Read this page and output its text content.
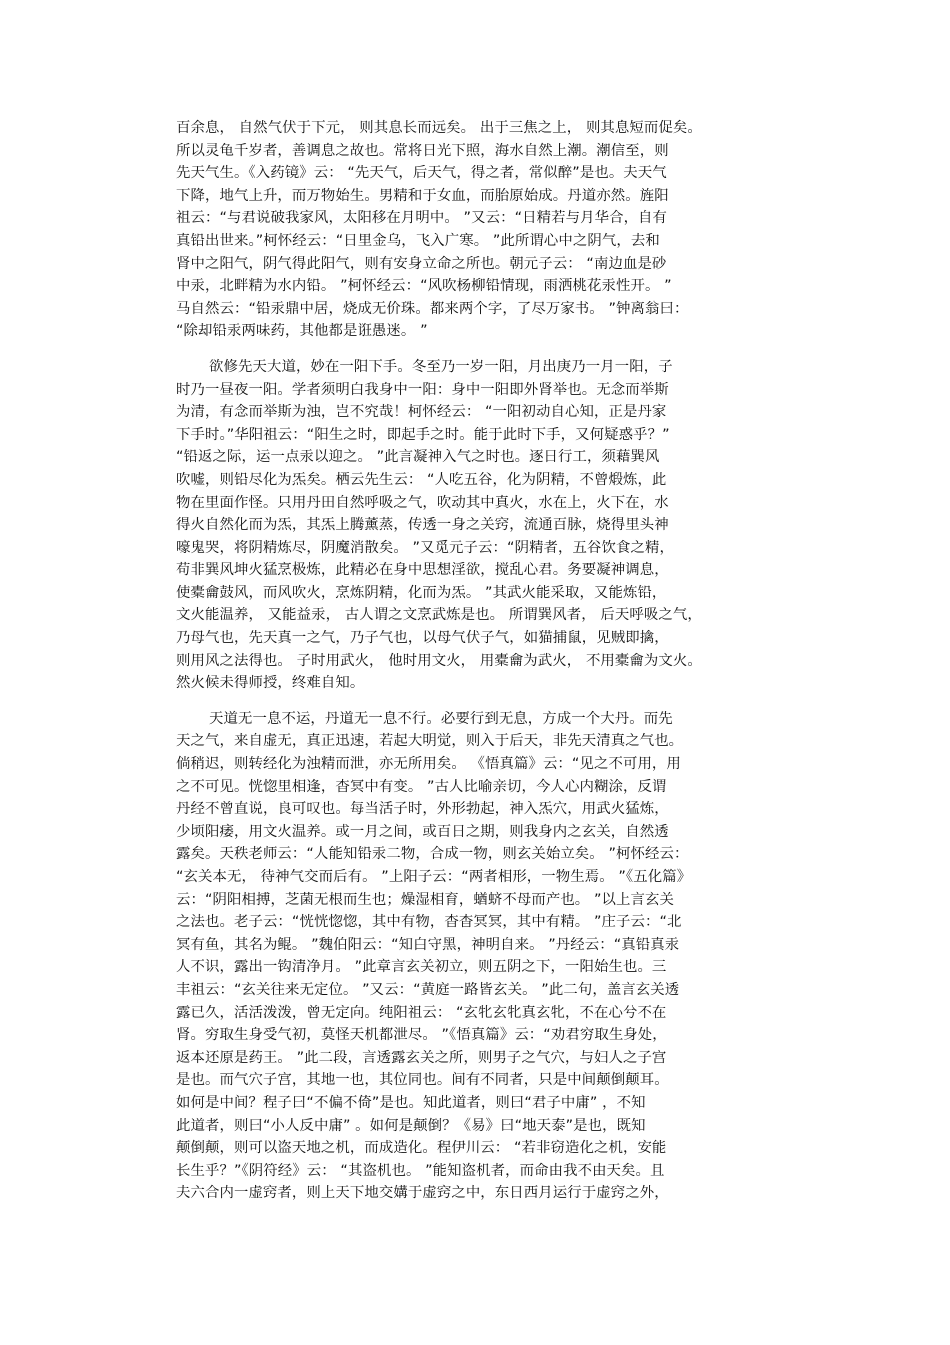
百余息， 自然气伏于下元， 则其息长而远矣。 出于三焦之上， 则其息短而促矣。
所以灵龟千岁者，善调息之故也。常将日光下照，海水自然上潮。潮信至，则
先天气生。《入药镜》云： “先天气，后天气，得之者，常似醉”是也。夫天气
下降，地气上升，而万物始生。男精和于女血，而胎原始成。丹道亦然。旌阳
祖云：“与君说破我家风，太阳移在月明中。 ”又云：“日精若与月华合，自有
真铅出世来。”柯怀经云：“日里金乌，飞入广寒。 ”此所谓心中之阴气，去和
肾中之阳气，阴气得此阳气，则有安身立命之所也。朝元子云： “南边血是砂
中汞，北畔精为水内铅。 ”柯怀经云：“风吹杨柳铅情现，雨洒桃花汞性开。 ”
马自然云：“铅汞鼎中居，烧成无价珠。都来两个字，了尽万家书。 ”钟离翁曰：
“除却铅汞两味药，其他都是诳愚迷。 ”
欲修先天大道，妙在一阳下手。冬至乃一岁一阳，月出庚乃一月一阳，子
时乃一昼夜一阳。学者须明白我身中一阳：身中一阳即外肾举也。无念而举斯
为清，有念而举斯为浊，岂不究哉！柯怀经云： “一阳初动自心知，正是丹家
下手时。”华阳祖云：“阳生之时，即起手之时。能于此时下手，又何疑惑乎？”
“铅返之际，运一点汞以迎之。 ”此言凝神入气之时也。逐日行工，须藉巽风
吹嘘，则铅尽化为炁矣。栖云先生云： “人吃五谷，化为阴精，不曾煅炼，此
物在里面作怪。只用丹田自然呼吸之气，吹动其中真火，水在上，火下在，水
得火自然化而为炁，其炁上腾薰蒸，传透一身之关窍，流通百脉，烧得里头神
嚎鬼哭，将阴精炼尽，阴魔消散矣。 ”又觅元子云：“阴精者，五谷饮食之精，
苟非巽风坤火猛烹极炼，此精必在身中思想淫欲，搅乱心君。务要凝神调息，
使橐龠鼓风，而风吹火，烹炼阴精，化而为炁。 ”其武火能采取，又能炼铅，
文火能温养， 又能益汞， 古人谓之文烹武炼是也。 所谓巽风者， 后天呼吸之气，
乃母气也，先天真一之气，乃子气也，以母气伏子气，如猫捕鼠，见贼即擒，
则用风之法得也。 子时用武火， 他时用文火， 用橐龠为武火， 不用橐龠为文火。
然火候未得师授，终难自知。
天道无一息不运，丹道无一息不行。必要行到无息，方成一个大丹。而先
天之气，来自虚无，真正迅速，若起大明觉，则入于后天，非先天清真之气也。
倘稍迟，则转经化为浊精而泄，亦无所用矣。 《悟真篇》云：“见之不可用，用
之不可见。恍惚里相逢，杳冥中有变。 ”古人比喻亲切，今人心内糊涂，反谓
丹经不曾直说，良可叹也。每当活子时，外形勃起，神入炁穴，用武火猛炼，
少顷阳痿，用文火温养。或一月之间，或百日之期，则我身内之玄关，自然透
露矣。天秩老师云：“人能知铅汞二物，合成一物，则玄关始立矣。 ”柯怀经云：
“玄关本无， 待神气交而后有。 ”上阳子云：“两者相形，一物生焉。 ”《五化篇》
云：“阴阳相搏，芝菌无根而生也；燥湿相育，蝤蛴不母而产也。 ”以上言玄关
之法也。老子云：“恍恍惚惚，其中有物，杳杳冥冥，其中有精。 ”庄子云：“北
冥有鱼，其名为鲲。 ”魏伯阳云：“知白守黑，神明自来。 ”丹经云：“真铅真汞
人不识，露出一钩清净月。 ”此章言玄关初立，则五阴之下，一阳始生也。三
丰祖云：“玄关往来无定位。 ”又云：“黄庭一路皆玄关。 ”此二句，盖言玄关透
露已久，活活泼泼，曾无定向。纯阳祖云： “玄牝玄牝真玄牝，不在心兮不在
肾。穷取生身受气初，莫怪天机都泄尽。 ”《悟真篇》云：“劝君穷取生身处，
返本还原是药王。 ”此二段，言透露玄关之所，则男子之气穴，与妇人之子宫
是也。而气穴子宫，其地一也，其位同也。间有不同者，只是中间颠倒颠耳。
如何是中间？程子曰“不偏不倚”是也。知此道者，则曰“君子中庸” ，不知
此道者，则曰“小人反中庸” 。如何是颠倒？《易》曰“地天泰”是也，既知
颠倒颠，则可以盗天地之机，而成造化。程伊川云： “若非窃造化之机，安能
长生乎？”《阴符经》云： “其盗机也。 ”能知盗机者，而命由我不由天矣。且
夫六合内一虚窍者，则上天下地交媾于虚窍之中，东日西月运行于虚窍之外，
